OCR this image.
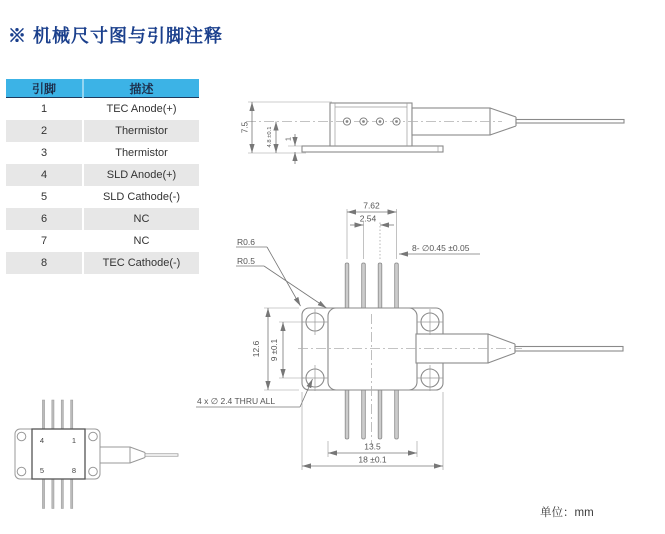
※ 机械尺寸图与引脚注释
引脚	描述
1	TEC Anode(+)
2	Thermistor
3	Thermistor
4	SLD Anode(+)
5	SLD Cathode(-)
6	NC
7	NC
8	TEC Cathode(-)
7.5	4.8 ±0.1 1
7.62
2.54
8- ∅0.45 ±0.05
R0.6
R0.5
12.6 9 ±0.1
4 x ∅ 2.4 THRU ALL
13.5
18 ±0.1
4	1
5	8
单位：mm
